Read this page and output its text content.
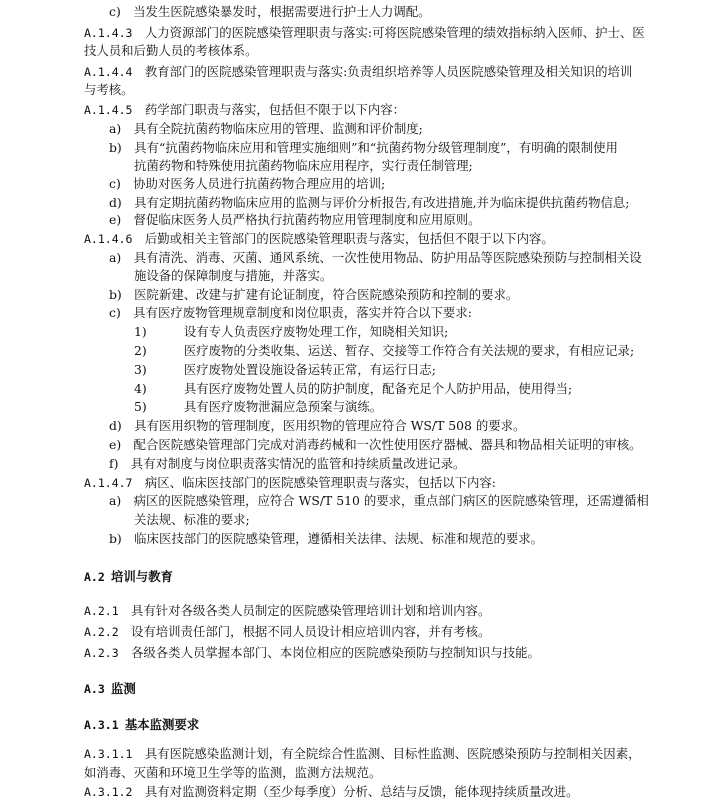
c)　当发生医院感染暴发时，根据需要进行护士人力调配。
A.1.4.3　 人力资源部门的医院感染管理职责与落实:可将医院感染管理的绩效指标纳入医师、护士、医
技人员和后勤人员的考核体系。
A.1.4.4　 教育部门的医院感染管理职责与落实:负责组织培养等人员医院感染管理及相关知识的培训
与考核。
A.1.4.5　 药学部门职责与落实，包括但不限于以下内容：
a)　具有全院抗菌药物临床应用的管理、监测和评价制度;
b)　具有“抗菌药物临床应用和管理实施细则”和“抗菌药物分级管理制度”，有明确的限制使用
抗菌药物和特殊使用抗菌药物临床应用程序，实行责任制管理;
c)　协助对医务人员进行抗菌药物合理应用的培训;
d)　具有定期抗菌药物临床应用的监测与评价分析报告,有改进措施,并为临床提供抗菌药物信息;
e)　督促临床医务人员严格执行抗菌药物应用管理制度和应用原则。
A.1.4.6　 后勤或相关主管部门的医院感染管理职责与落实，包括但不限于以下内容。
a)　具有清洗、消毒、灭菌、通风系统、一次性使用物品、防护用品等医院感染预防与控制相关设
施设备的保障制度与措施，并落实。
b)　医院新建、改建与扩建有论证制度，符合医院感染预防和控制的要求。
c)　具有医疗废物管理规章制度和岗位职责，落实并符合以下要求:
1)　　　设有专人负责医疗废物处理工作，知晓相关知识;
2)　　　医疗废物的分类收集、运送、暂存、交接等工作符合有关法规的要求，有相应记录;
3)　　　医疗废物处置设施设备运转正常，有运行日志;
4)　　　具有医疗废物处置人员的防护制度，配备充足个人防护用品，使用得当;
5)　　　具有医疗废物泄漏应急预案与演练。
d)　具有医用织物的管理制度，医用织物的管理应符合 WS/T 508 的要求。
e)　配合医院感染管理部门完成对消毒药械和一次性使用医疗器械、器具和物品相关证明的审核。
f)　具有对制度与岗位职责落实情况的监管和持续质量改进记录。
A.1.4.7　 病区、临床医技部门的医院感染管理职责与落实，包括以下内容:
a)　病区的医院感染管理，应符合 WS/T 510 的要求，重点部门病区的医院感染管理，还需遵循相
关法规、标准的要求;
b)　临床医技部门的医院感染管理，遵循相关法律、法规、标准和规范的要求。
A.2  培训与教育
A.2.1　 具有针对各级各类人员制定的医院感染管理培训计划和培训内容。
A.2.2　 设有培训责任部门，根据不同人员设计相应培训内容，并有考核。
A.2.3　 各级各类人员掌握本部门、本岗位相应的医院感染预防与控制知识与技能。
A.3  监测
A.3.1  基本监测要求
A.3.1.1　 具有医院感染监测计划，有全院综合性监测、目标性监测、医院感染预防与控制相关因素，
如消毒、灭菌和环境卫生学等的监测，监测方法规范。
A.3.1.2　 具有对监测资料定期（至少每季度）分析、总结与反馈，能体现持续质量改进。
